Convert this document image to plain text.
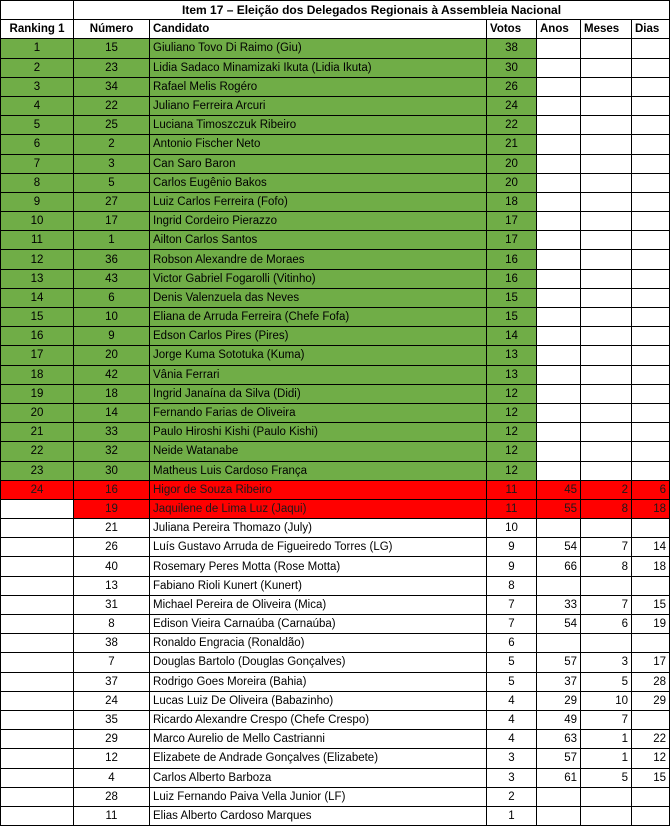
	Item 17 – Eleição dos Delegados Regionais à Assembleia Nacional					
Ranking 1	Número	Candidato	Votos	Anos	Meses	Dias
1	15	Giuliano Tovo Di Raimo (Giu)	38			
2	23	Lidia Sadaco Minamizaki Ikuta (Lidia Ikuta)	30			
3	34	Rafael Melis Rogéro	26			
4	22	Juliano Ferreira Arcuri	24			
5	25	Luciana Timoszczuk Ribeiro	22			
6	2	Antonio Fischer Neto	21			
7	3	Can Saro Baron	20			
8	5	Carlos Eugênio Bakos	20			
9	27	Luiz Carlos Ferreira (Fofo)	18			
10	17	Ingrid Cordeiro Pierazzo	17			
11	1	Ailton Carlos Santos	17			
12	36	Robson Alexandre de Moraes	16			
13	43	Victor Gabriel Fogarolli (Vitinho)	16			
14	6	Denis Valenzuela das Neves	15			
15	10	Eliana de Arruda Ferreira (Chefe Fofa)	15			
16	9	Edson Carlos Pires (Pires)	14			
17	20	Jorge Kuma Sototuka (Kuma)	13			
18	42	Vânia Ferrari	13			
19	18	Ingrid Janaína da Silva (Didi)	12			
20	14	Fernando Farias de Oliveira	12			
21	33	Paulo Hiroshi Kishi (Paulo Kishi)	12			
22	32	Neide Watanabe	12			
23	30	Matheus Luis Cardoso França	12			
24	16	Higor de Souza Ribeiro	11	45	2	6
	19	Jaquilene de Lima Luz (Jaqui)	11	55	8	18
	21	Juliana Pereira Thomazo (July)	10			
	26	Luís Gustavo Arruda de Figueiredo Torres (LG)	9	54	7	14
	40	Rosemary Peres Motta (Rose Motta)	9	66	8	18
	13	Fabiano Rioli Kunert (Kunert)	8			
	31	Michael Pereira de Oliveira (Mica)	7	33	7	15
	8	Edison Vieira Carnaúba (Carnaúba)	7	54	6	19
	38	Ronaldo Engracia (Ronaldão)	6			
	7	Douglas Bartolo (Douglas Gonçalves)	5	57	3	17
	37	Rodrigo Goes Moreira (Bahia)	5	37	5	28
	24	Lucas Luiz De Oliveira (Babazinho)	4	29	10	29
	35	Ricardo Alexandre Crespo (Chefe Crespo)	4	49	7	
	29	Marco Aurelio de Mello Castrianni	4	63	1	22
	12	Elizabete de Andrade Gonçalves (Elizabete)	3	57	1	12
	4	Carlos Alberto Barboza	3	61	5	15
	28	Luiz Fernando Paiva Vella Junior (LF)	2			
	11	Elias Alberto Cardoso Marques	1			
